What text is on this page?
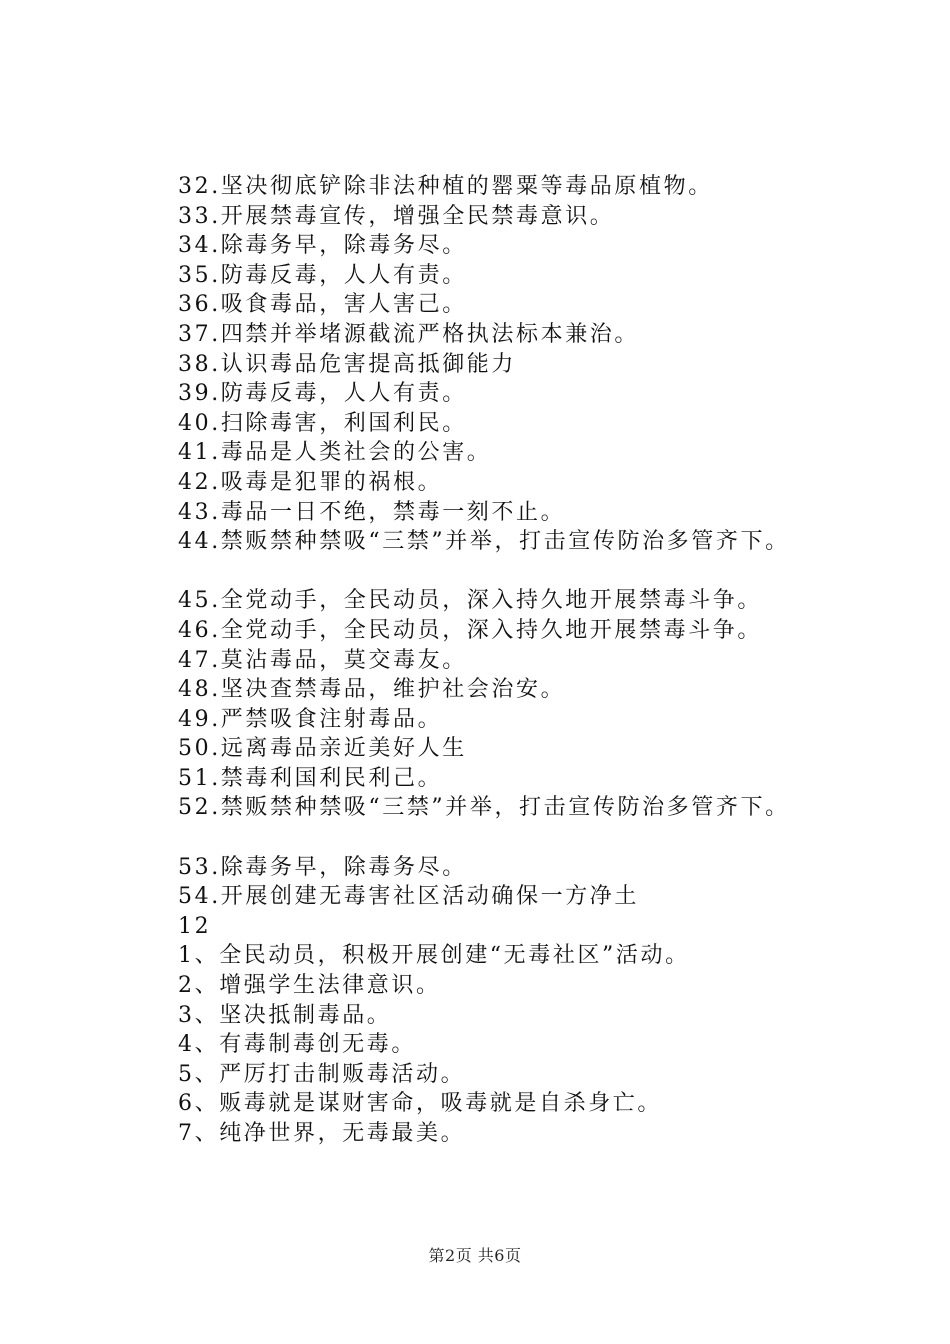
32.坚决彻底铲除非法种植的罂粟等毒品原植物。
33.开展禁毒宣传，增强全民禁毒意识。
34.除毒务早，除毒务尽。
35.防毒反毒，人人有责。
36.吸食毒品，害人害己。
37.四禁并举堵源截流严格执法标本兼治。
38.认识毒品危害提高抵御能力
39.防毒反毒，人人有责。
40.扫除毒害，利国利民。
41.毒品是人类社会的公害。
42.吸毒是犯罪的祸根。
43.毒品一日不绝，禁毒一刻不止。
44.禁贩禁种禁吸“三禁”并举，打击宣传防治多管齐下。
45.全党动手，全民动员，深入持久地开展禁毒斗争。
46.全党动手，全民动员，深入持久地开展禁毒斗争。
47.莫沾毒品，莫交毒友。
48.坚决查禁毒品，维护社会治安。
49.严禁吸食注射毒品。
50.远离毒品亲近美好人生
51.禁毒利国利民利己。
52.禁贩禁种禁吸“三禁”并举，打击宣传防治多管齐下。
53.除毒务早，除毒务尽。
54.开展创建无毒害社区活动确保一方净土
12
1、全民动员，积极开展创建“无毒社区”活动。
2、增强学生法律意识。
3、坚决抵制毒品。
4、有毒制毒创无毒。
5、严厉打击制贩毒活动。
6、贩毒就是谋财害命，吸毒就是自杀身亡。
7、纯净世界，无毒最美。
第2页 共6页
